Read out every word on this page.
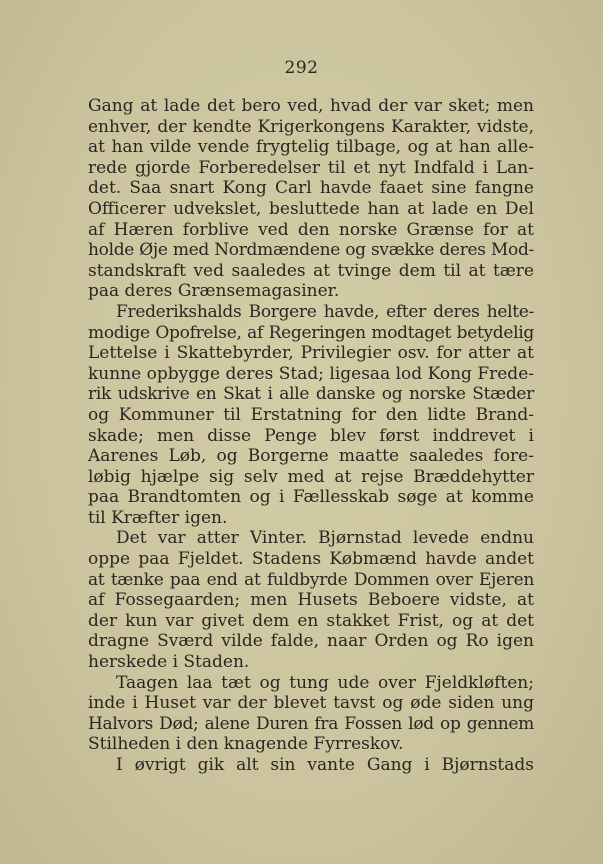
292
Gang at lade det bero ved, hvad der var sket; men
enhver, der kendte Krigerkongens Karakter, vidste,
at han vilde vende frygtelig tilbage, og at han alle-
rede gjorde Forberedelser til et nyt Indfald i Lan-
det. Saa snart Kong Carl havde faaet sine fangne
Officerer udvekslet, besluttede han at lade en Del
af Hæren forblive ved den norske Grænse for at
holde Øje med Nordmændene og svække deres Mod-
standskraft ved saaledes at tvinge dem til at tære
paa deres Grænsemagasiner.
Frederikshalds Borgere havde, efter deres helte-
modige Opofrelse, af Regeringen modtaget betydelig
Lettelse i Skattebyrder, Privilegier osv. for atter at
kunne opbygge deres Stad; ligesaa lod Kong Frede-
rik udskrive en Skat i alle danske og norske Stæder
og Kommuner til Erstatning for den lidte Brand-
skade; men disse Penge blev først inddrevet i
Aarenes Løb, og Borgerne maatte saaledes fore-
løbig hjælpe sig selv med at rejse Bræddehytter
paa Brandtomten og i Fællesskab søge at komme
til Kræfter igen.
Det var atter Vinter. Bjørnstad levede endnu
oppe paa Fjeldet. Stadens Købmænd havde andet
at tænke paa end at fuldbyrde Dommen over Ejeren
af Fossegaarden; men Husets Beboere vidste, at
der kun var givet dem en stakket Frist, og at det
dragne Sværd vilde falde, naar Orden og Ro igen
herskede i Staden.
Taagen laa tæt og tung ude over Fjeldkløften;
inde i Huset var der blevet tavst og øde siden ung
Halvors Død; alene Duren fra Fossen lød op gennem
Stilheden i den knagende Fyrreskov.
I øvrigt gik alt sin vante Gang i Bjørnstads
